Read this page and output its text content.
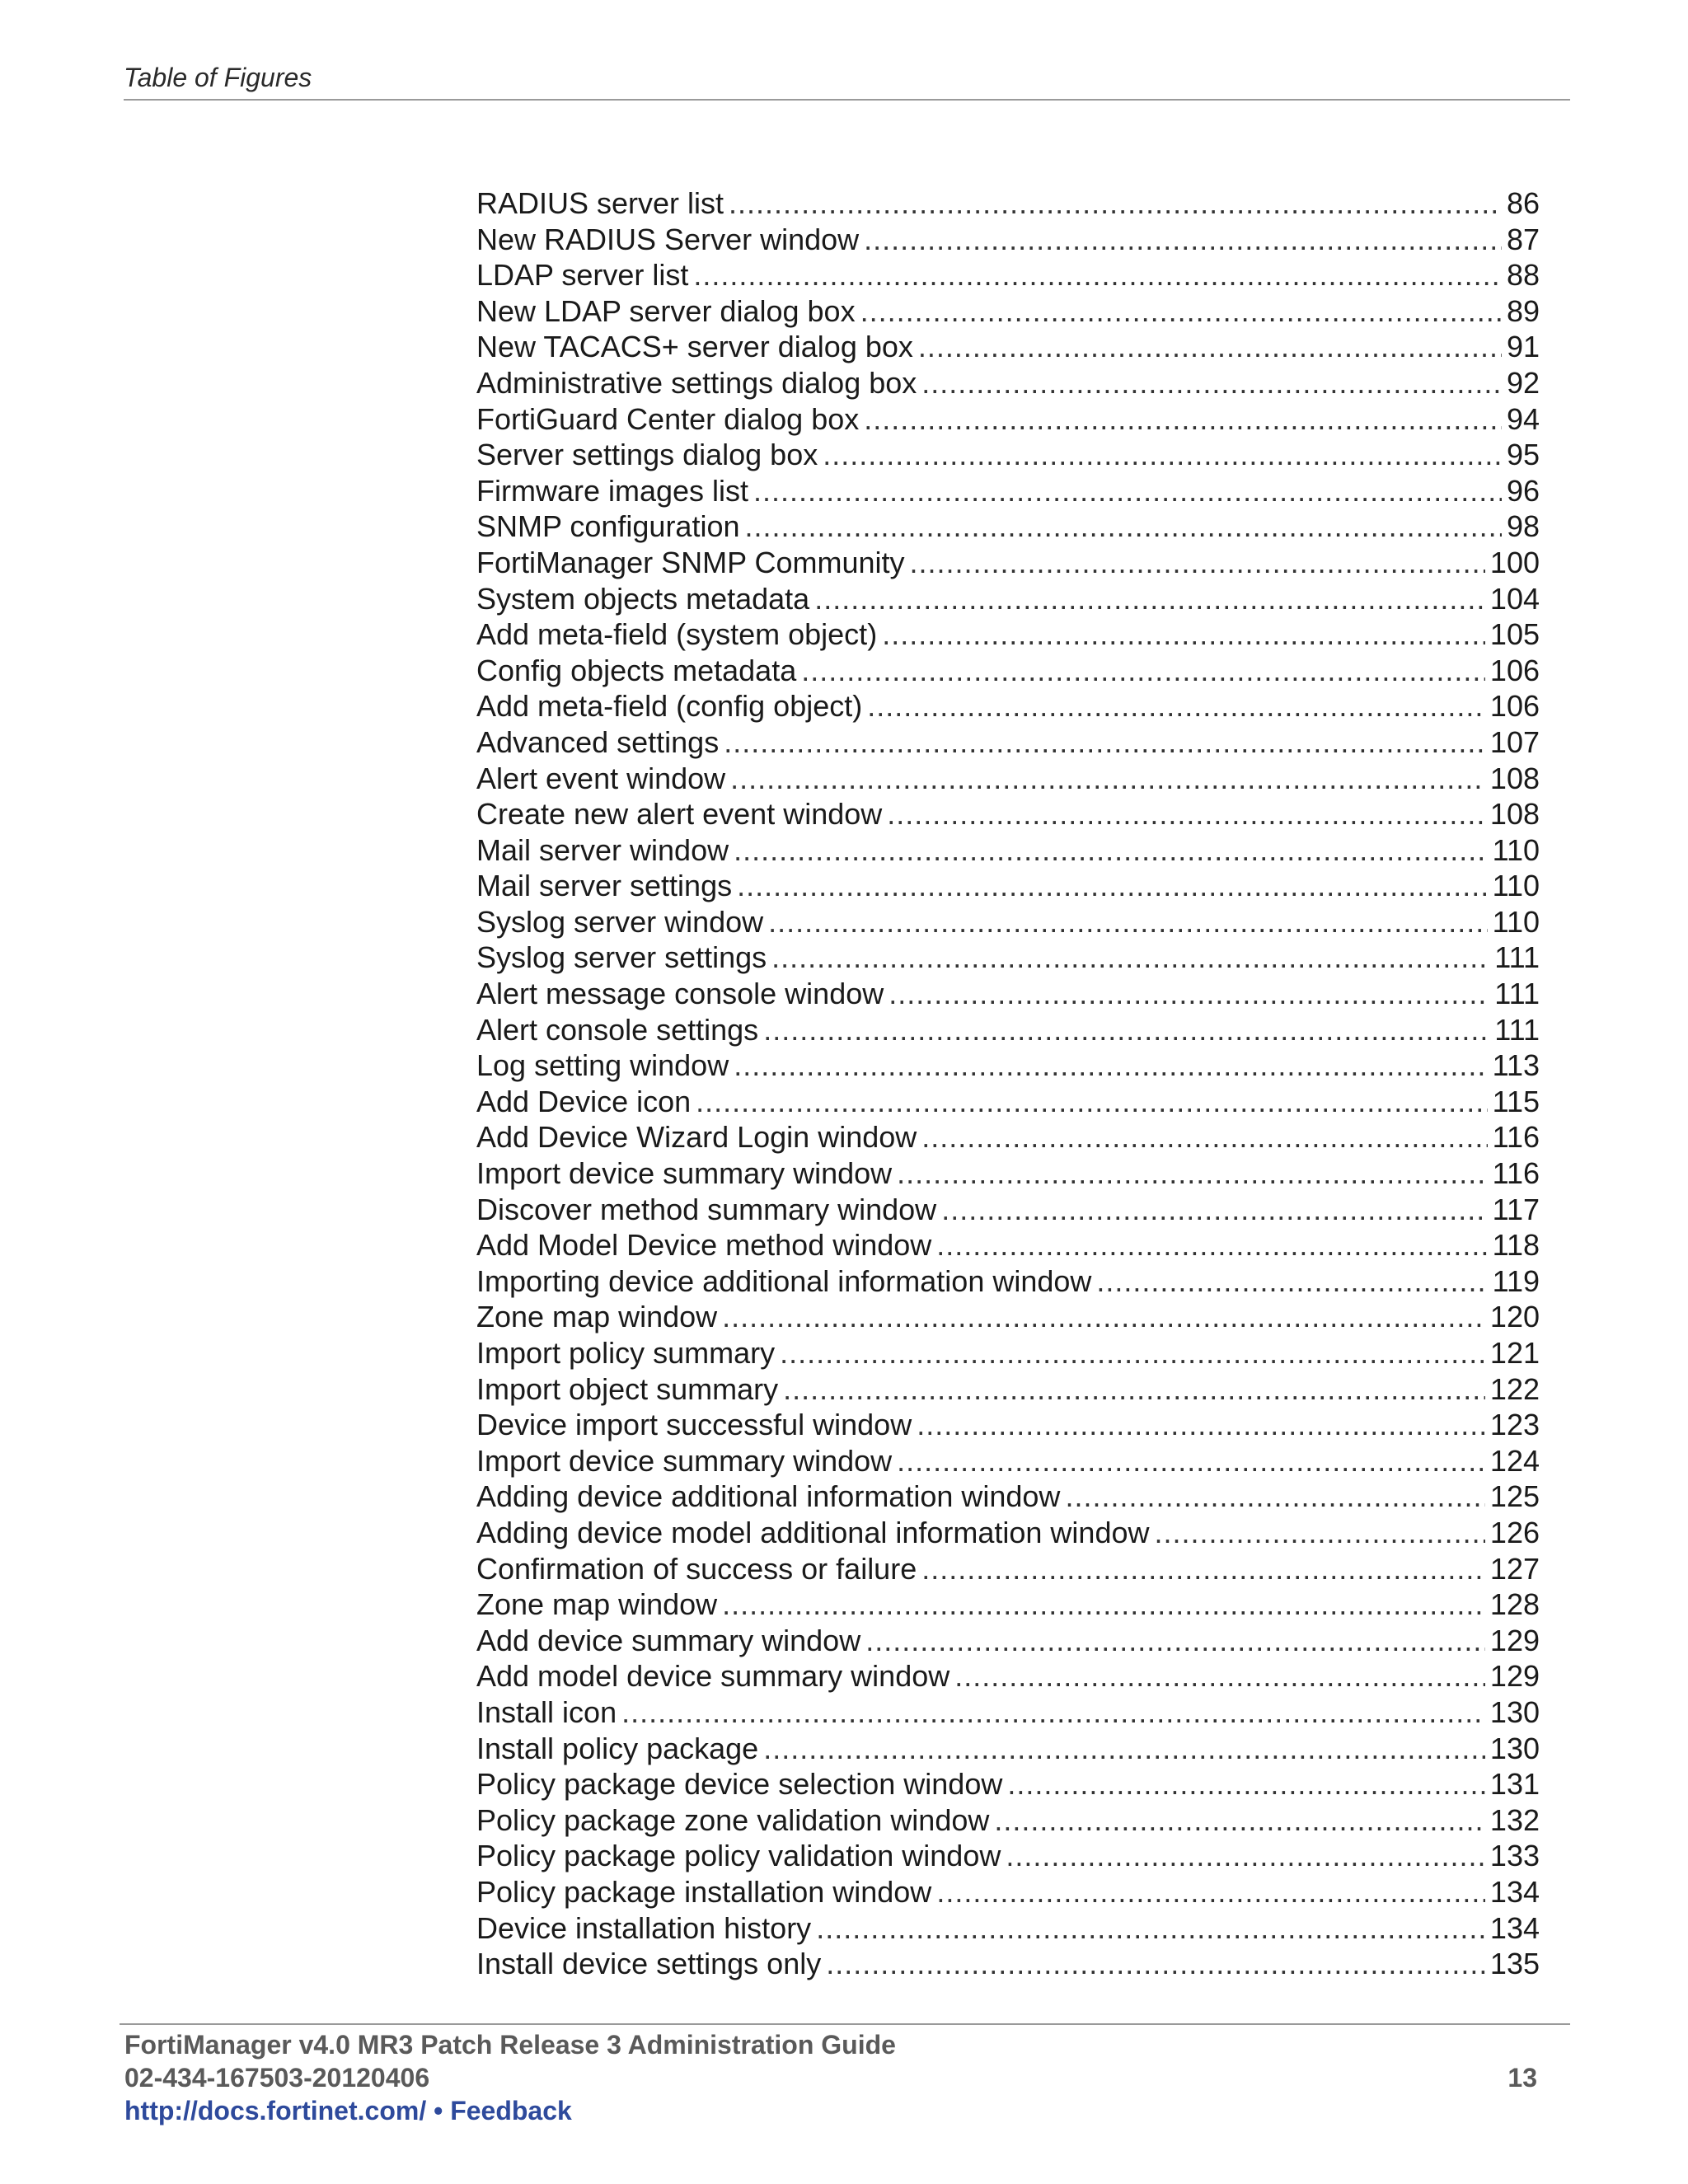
Table of Figures
RADIUS server list .....	86
New RADIUS Server window .....	87
LDAP server list .....	88
New LDAP server dialog box .....	89
New TACACS+ server dialog box .....	91
Administrative settings dialog box .....	92
FortiGuard Center dialog box .....	94
Server settings dialog box .....	95
Firmware images list .....	96
SNMP configuration .....	98
FortiManager SNMP Community .....	100
System objects metadata .....	104
Add meta-field (system object) .....	105
Config objects metadata .....	106
Add meta-field (config object) .....	106
Advanced settings .....	107
Alert event window .....	108
Create new alert event window .....	108
Mail server window .....	110
Mail server settings .....	110
Syslog server window .....	110
Syslog server settings .....	111
Alert message console window .....	111
Alert console settings .....	111
Log setting window .....	113
Add Device icon .....	115
Add Device Wizard Login window .....	116
Import device summary window .....	116
Discover method summary window .....	117
Add Model Device method window .....	118
Importing device additional information window .....	119
Zone map window .....	120
Import policy summary .....	121
Import object summary .....	122
Device import successful window .....	123
Import device summary window .....	124
Adding device additional information window .....	125
Adding device model additional information window .....	126
Confirmation of success or failure .....	127
Zone map window .....	128
Add device summary window .....	129
Add model device summary window .....	129
Install icon .....	130
Install policy package .....	130
Policy package device selection window .....	131
Policy package zone validation window .....	132
Policy package policy validation window .....	133
Policy package installation window .....	134
Device installation history .....	134
Install device settings only .....	135
FortiManager v4.0 MR3 Patch Release 3 Administration Guide
02-434-167503-20120406
http://docs.fortinet.com/ • Feedback
13
